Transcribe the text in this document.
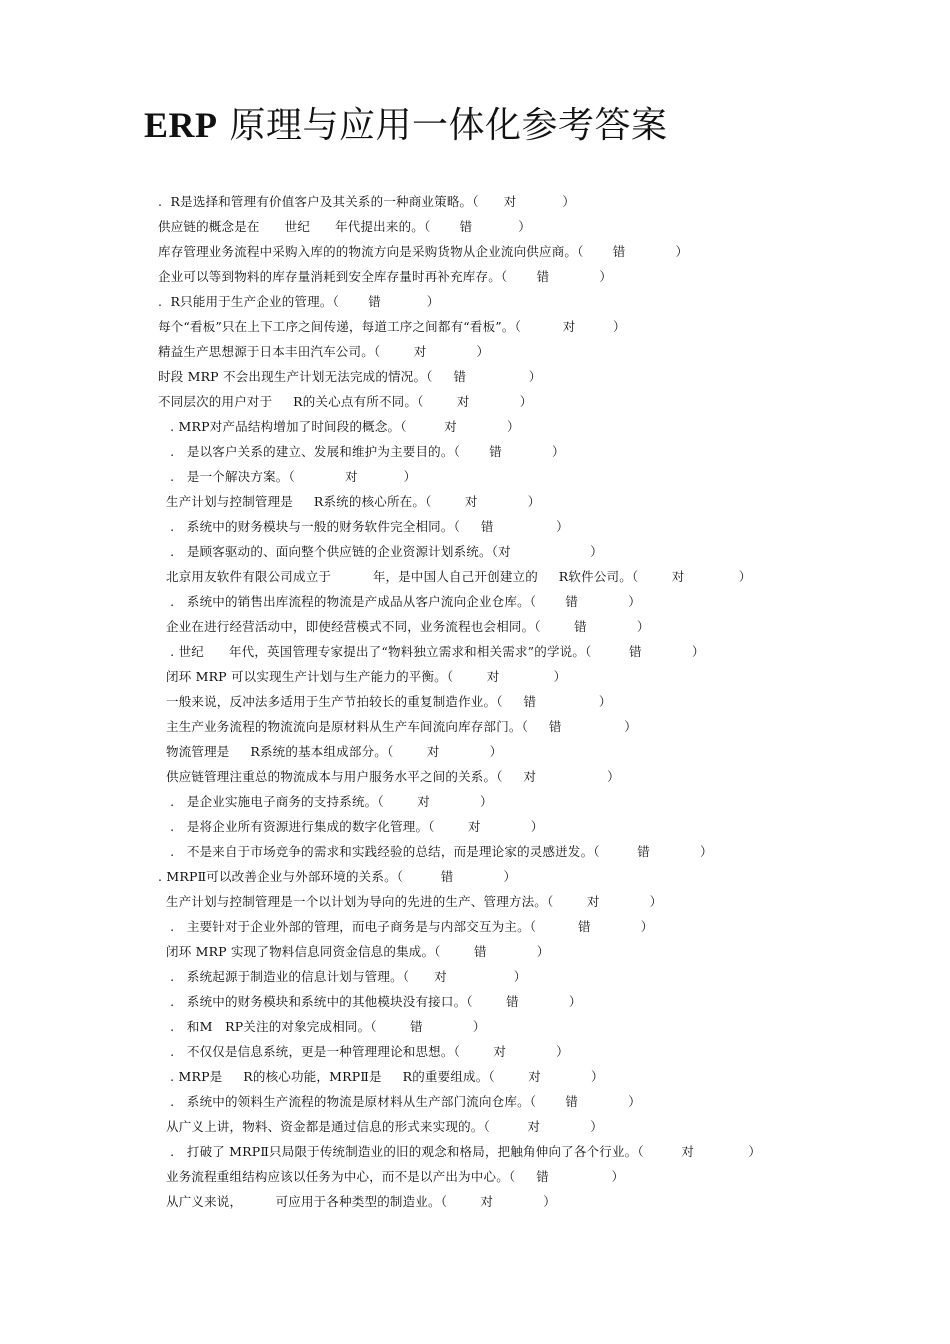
ERP 原理与应用一体化参考答案
.  R是选择和管理有价值客户及其关系的一种商业策略。（      对           ）
供应链的概念是在      世纪      年代提出来的。（       错           ）
库存管理业务流程中采购入库的的物流方向是采购货物从企业流向供应商。（       错            ）
企业可以等到物料的库存量消耗到安全库存量时再补充库存。（       错            ）
.  R只能用于生产企业的管理。（       错           ）
每个“看板”只在上下工序之间传递，每道工序之间都有“看板”。（          对         ）
精益生产思想源于日本丰田汽车公司。（        对            ）
时段 MRP 不会出现生产计划无法完成的情况。（     错               ）
不同层次的用户对于     R的关心点有所不同。（        对            ）
. MRP对产品结构增加了时间段的概念。（         对            ）
.   是以客户关系的建立、发展和维护为主要目的。（       错            ）
.   是一个解决方案。（            对           ）
生产计划与控制管理是     R系统的核心所在。（        对            ）
.   系统中的财务模块与一般的财务软件完全相同。（     错               ）
.   是顾客驱动的、面向整个供应链的企业资源计划系统。（对                   ）
北京用友软件有限公司成立于          年，是中国人自己开创建立的     R软件公司。（        对             ）
.   系统中的销售出库流程的物流是产成品从客户流向企业仓库。（       错            ）
企业在进行经营活动中，即使经营模式不同，业务流程也会相同。（        错            ）
. 世纪      年代，英国管理专家提出了“物料独立需求和相关需求”的学说。（         错            ）
闭环 MRP 可以实现生产计划与生产能力的平衡。（        对             ）
一般来说，反冲法多适用于生产节拍较长的重复制造作业。（     错               ）
主生产业务流程的物流流向是原材料从生产车间流向库存部门。（     错               ）
物流管理是     R系统的基本组成部分。（        对            ）
供应链管理注重总的物流成本与用户服务水平之间的关系。（     对                 ）
.   是企业实施电子商务的支持系统。（        对            ）
.   是将企业所有资源进行集成的数字化管理。（        对            ）
.   不是来自于市场竞争的需求和实践经验的总结，而是理论家的灵感迸发。（         错            ）
. MRPⅡ可以改善企业与外部环境的关系。（         错            ）
生产计划与控制管理是一个以计划为导向的先进的生产、管理方法。（        对            ）
.   主要针对于企业外部的管理，而电子商务是与内部交互为主。（          错            ）
闭环 MRP 实现了物料信息同资金信息的集成。（        错            ）
.   系统起源于制造业的信息计划与管理。（      对                ）
.   系统中的财务模块和系统中的其他模块没有接口。（        错            ）
.   和M   RP关注的对象完成相同。（        错            ）
.   不仅仅是信息系统，更是一种管理理论和思想。（        对            ）
. MRP是     R的核心功能，MRPⅡ是     R的重要组成。（        对            ）
.   系统中的领料生产流程的物流是原材料从生产部门流向仓库。（       错            ）
从广义上讲，物料、资金都是通过信息的形式来实现的。（         对            ）
.   打破了 MRPⅡ只局限于传统制造业的旧的观念和格局，把触角伸向了各个行业。（         对             ）
业务流程重组结构应该以任务为中心，而不是以产出为中心。（     错               ）
从广义来说，        可应用于各种类型的制造业。（        对            ）
